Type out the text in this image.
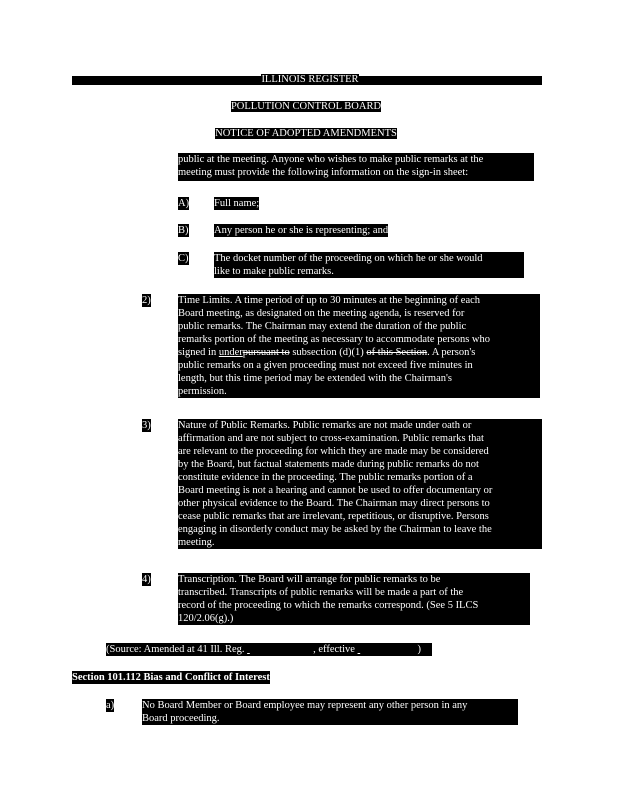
ILLINOIS REGISTER
POLLUTION CONTROL BOARD
NOTICE OF ADOPTED AMENDMENTS
public at the meeting. Anyone who wishes to make public remarks at the
meeting must provide the following information on the sign-in sheet:
A) Full name;
B) Any person he or she is representing; and
C) The docket number of the proceeding on which he or she would
like to make public remarks.
2)	Time Limits. A time period of up to 30 minutes at the beginning of each
Board meeting, as designated on the meeting agenda, is reserved for
public remarks. The Chairman may extend the duration of the public
remarks portion of the meeting as necessary to accommodate persons who
signed in underpursuant to subsection (d)(1) of this Section. A person's
public remarks on a given proceeding must not exceed five minutes in
length, but this time period may be extended with the Chairman's
permission.
3)	Nature of Public Remarks. Public remarks are not made under oath or
affirmation and are not subject to cross-examination. Public remarks that
are relevant to the proceeding for which they are made may be considered
by the Board, but factual statements made during public remarks do not
constitute evidence in the proceeding. The public remarks portion of a
Board meeting is not a hearing and cannot be used to offer documentary or
other physical evidence to the Board. The Chairman may direct persons to
cease public remarks that are irrelevant, repetitious, or disruptive. Persons
engaging in disorderly conduct may be asked by the Chairman to leave the
meeting.
4)	Transcription. The Board will arrange for public remarks to be
transcribed. Transcripts of public remarks will be made a part of the
record of the proceeding to which the remarks correspond. (See 5 ILCS
120/2.06(g).)
(Source: Amended at 41 Ill. Reg.	, effective	)
Section 101.112 Bias and Conflict of Interest
a)	No Board Member or Board employee may represent any other person in any
Board proceeding.
